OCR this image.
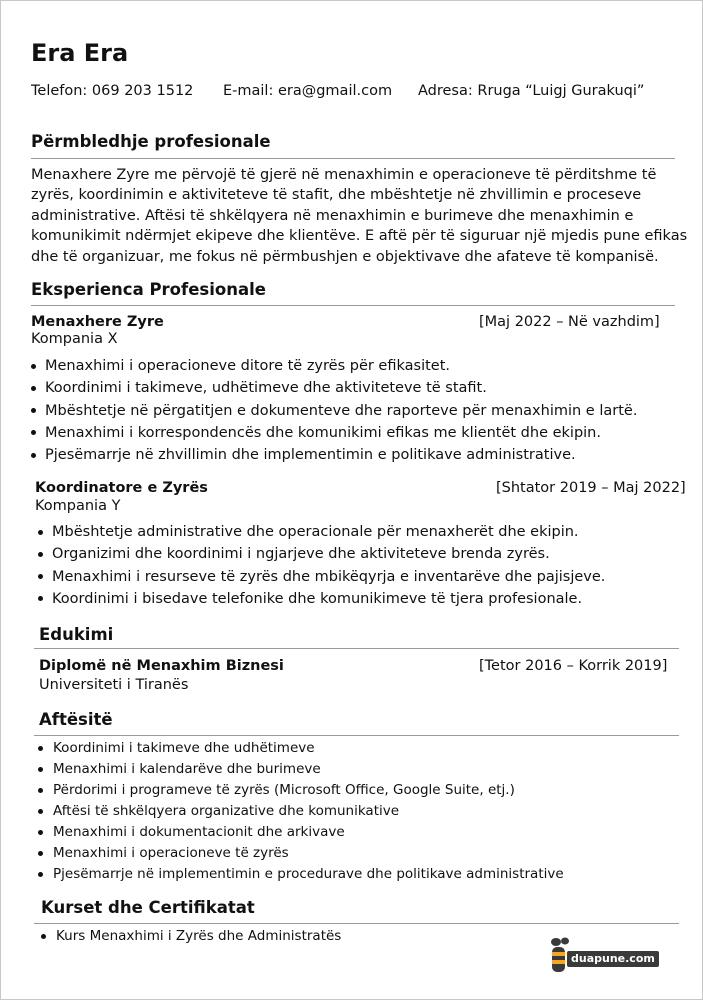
Era Era
Telefon: 069 203 1512 E-mail: era@gmail.com Adresa: Rruga “Luigj Gurakuqi”
Përmbledhje profesionale
Menaxhere Zyre me përvojë të gjerë në menaxhimin e operacioneve të përditshme të
zyrës, koordinimin e aktiviteteve të stafit, dhe mbështetje në zhvillimin e proceseve
administrative. Aftësi të shkëlqyera në menaxhimin e burimeve dhe menaxhimin e
komunikimit ndërmjet ekipeve dhe klientëve. E aftë për të siguruar një mjedis pune efikas
dhe të organizuar, me fokus në përmbushjen e objektivave dhe afateve të kompanisë.
Eksperienca Profesionale
Menaxhere Zyre	[Maj 2022 – Në vazhdim]
Kompania X
Menaxhimi i operacioneve ditore të zyrës për efikasitet.
Koordinimi i takimeve, udhëtimeve dhe aktiviteteve të stafit.
Mbështetje në përgatitjen e dokumenteve dhe raporteve për menaxhimin e lartë.
Menaxhimi i korrespondencës dhe komunikimi efikas me klientët dhe ekipin.
Pjesëmarrje në zhvillimin dhe implementimin e politikave administrative.
Koordinatore e Zyrës	[Shtator 2019 – Maj 2022]
Kompania Y
Mbështetje administrative dhe operacionale për menaxherët dhe ekipin.
Organizimi dhe koordinimi i ngjarjeve dhe aktiviteteve brenda zyrës.
Menaxhimi i resurseve të zyrës dhe mbikëqyrja e inventarëve dhe pajisjeve.
Koordinimi i bisedave telefonike dhe komunikimeve të tjera profesionale.
Edukimi
Diplomë në Menaxhim Biznesi	[Tetor 2016 – Korrik 2019]
Universiteti i Tiranës
Aftësitë
Koordinimi i takimeve dhe udhëtimeve
Menaxhimi i kalendarëve dhe burimeve
Përdorimi i programeve të zyrës (Microsoft Office, Google Suite, etj.)
Aftësi të shkëlqyera organizative dhe komunikative
Menaxhimi i dokumentacionit dhe arkivave
Menaxhimi i operacioneve të zyrës
Pjesëmarrje në implementimin e procedurave dhe politikave administrative
Kurset dhe Certifikatat
Kurs Menaxhimi i Zyrës dhe Administratës
duapune.com
